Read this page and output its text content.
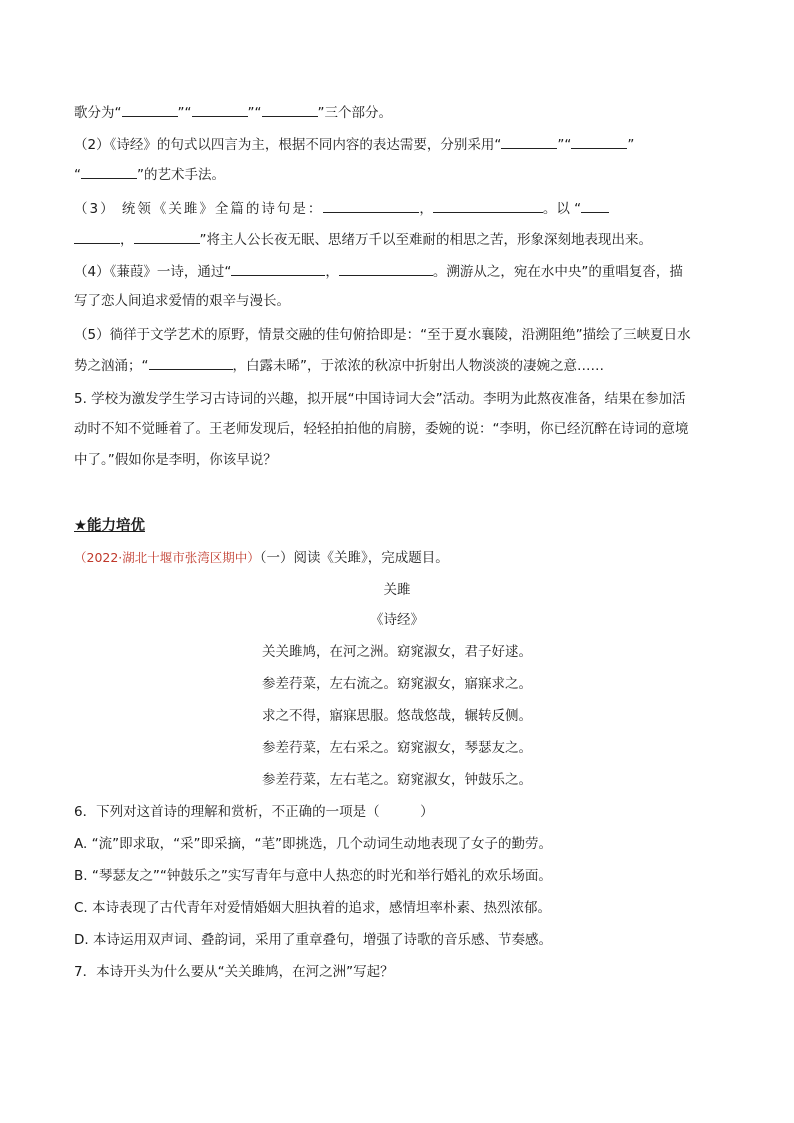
歌分为“	”“	”“	”三个部分。
（2）《诗经》的句式以四言为主，根据不同内容的表达需要，分别采用“	”“	”
“	”的艺术手法。
（3） 统领《关雎》全篇的诗句是：	，	。以 “
，	”将主人公长夜无眠、思绪万千以至难耐的相思之苦，形象深刻地表现出来。
（4）《蒹葭》一诗，通过“	，	。溯游从之，宛在水中央”的重唱复沓，描
写了恋人间追求爱情的艰辛与漫长。
（5）徜徉于文学艺术的原野，情景交融的佳句俯拾即是：“至于夏水襄陵，沿溯阻绝”描绘了三峡夏日水
势之汹涌；“	，白露未晞”，于浓浓的秋凉中折射出人物淡淡的凄婉之意……
5. 学校为激发学生学习古诗词的兴趣，拟开展“中国诗词大会”活动。李明为此熬夜准备，结果在参加活
动时不知不觉睡着了。王老师发现后，轻轻拍拍他的肩膀，委婉的说：“李明，你已经沉醉在诗词的意境
中了。”假如你是李明，你该早说？
★能力培优
（2022·湖北十堰市张湾区期中）（一）阅读《关雎》，完成题目。
关雎
《诗经》
关关雎鸠，在河之洲。窈窕淑女，君子好逑。
参差荇菜，左右流之。窈窕淑女，寤寐求之。
求之不得，寤寐思服。悠哉悠哉，辗转反侧。
参差荇菜，左右采之。窈窕淑女，琴瑟友之。
参差荇菜，左右芼之。窈窕淑女，钟鼓乐之。
6．下列对这首诗的理解和赏析，不正确的一项是（　　　）
A. “流”即求取，“采”即采摘，“芼”即挑选，几个动词生动地表现了女子的勤劳。
B. “琴瑟友之”“钟鼓乐之”实写青年与意中人热恋的时光和举行婚礼的欢乐场面。
C. 本诗表现了古代青年对爱情婚姻大胆执着的追求，感情坦率朴素、热烈浓郁。
D. 本诗运用双声词、叠韵词，采用了重章叠句，增强了诗歌的音乐感、节奏感。
7．本诗开头为什么要从“关关雎鸠，在河之洲”写起？
